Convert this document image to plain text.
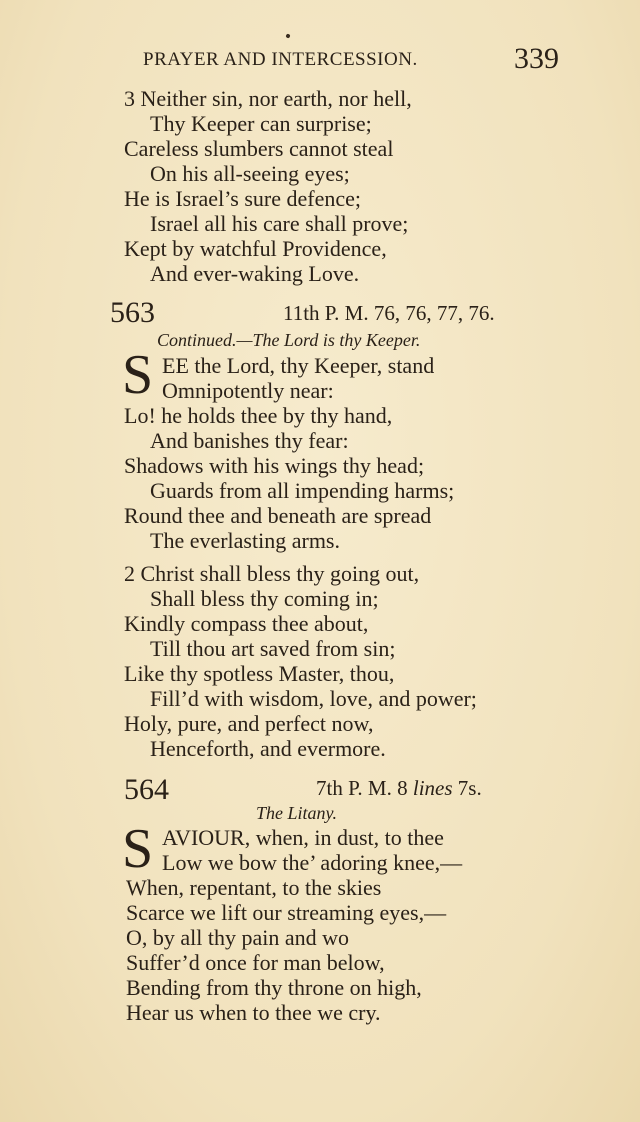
PRAYER AND INTERCESSION.	339
3 Neither sin, nor earth, nor hell,
Thy Keeper can surprise;
Careless slumbers cannot steal
On his all-seeing eyes;
He is Israel’s sure defence;
Israel all his care shall prove;
Kept by watchful Providence,
And ever-waking Love.
563	11th P. M. 76, 76, 77, 76.
Continued.—The Lord is thy Keeper.
S EE the Lord, thy Keeper, stand
Omnipotently near:
Lo! he holds thee by thy hand,
And banishes thy fear:
Shadows with his wings thy head;
Guards from all impending harms;
Round thee and beneath are spread
The everlasting arms.
2 Christ shall bless thy going out,
Shall bless thy coming in;
Kindly compass thee about,
Till thou art saved from sin;
Like thy spotless Master, thou,
Fill’d with wisdom, love, and power;
Holy, pure, and perfect now,
Henceforth, and evermore.
564	7th P. M. 8 lines 7s.
The Litany.
S AVIOUR, when, in dust, to thee
Low we bow the’ adoring knee,—
When, repentant, to the skies
Scarce we lift our streaming eyes,—
O, by all thy pain and wo
Suffer’d once for man below,
Bending from thy throne on high,
Hear us when to thee we cry.
